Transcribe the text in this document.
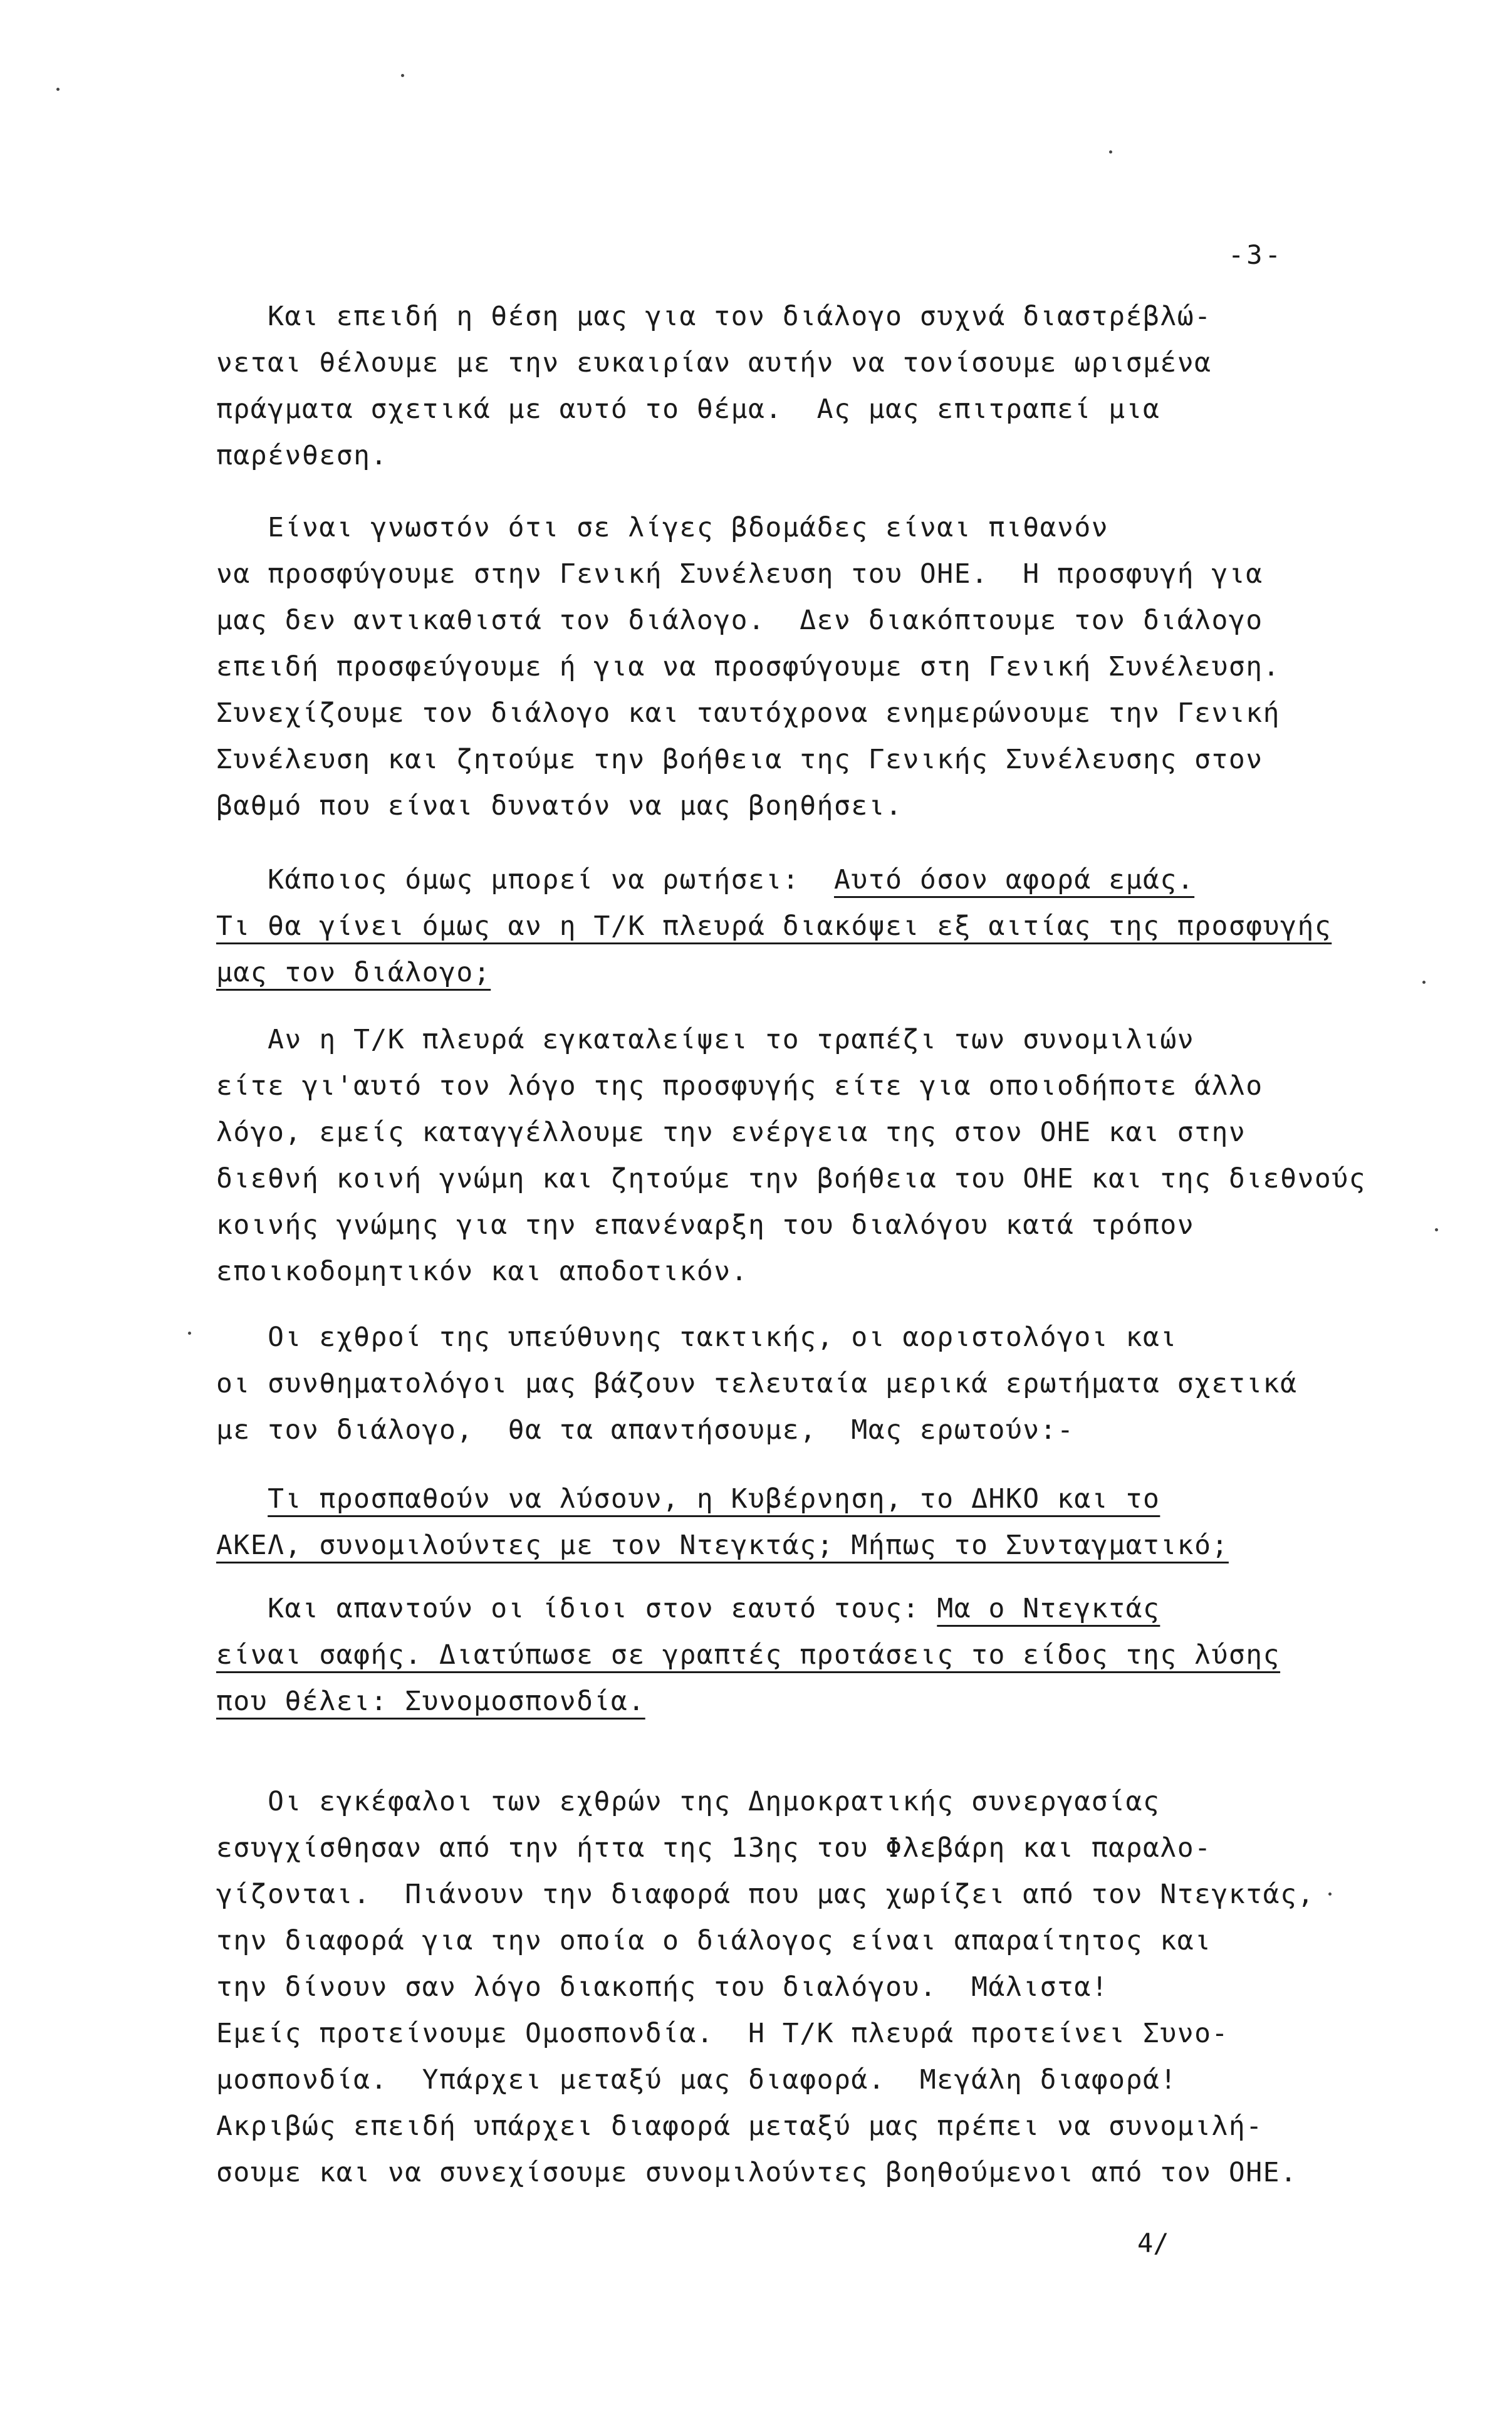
-3-
Και επειδή η θέση μας για τον διάλογο συχνά διαστρέβλώ-
νεται θέλουμε με την ευκαιρίαν αυτήν να τονίσουμε ωρισμένα
πράγματα σχετικά με αυτό το θέμα.  Ας μας επιτραπεί μια
παρένθεση.
Είναι γνωστόν ότι σε λίγες βδομάδες είναι πιθανόν
να προσφύγουμε στην Γενική Συνέλευση του ΟΗΕ.  Η προσφυγή για
μας δεν αντικαθιστά τον διάλογο.  Δεν διακόπτουμε τον διάλογο
επειδή προσφεύγουμε ή για να προσφύγουμε στη Γενική Συνέλευση.
Συνεχίζουμε τον διάλογο και ταυτόχρονα ενημερώνουμε την Γενική
Συνέλευση και ζητούμε την βοήθεια της Γενικής Συνέλευσης στον
βαθμό που είναι δυνατόν να μας βοηθήσει.
Κάποιος όμως μπορεί να ρωτήσει:  Αυτό όσον αφορά εμάς.
Τι θα γίνει όμως αν η Τ/Κ πλευρά διακόψει εξ αιτίας της προσφυγής
μας τον διάλογο;
Αν η Τ/Κ πλευρά εγκαταλείψει το τραπέζι των συνομιλιών
είτε γι'αυτό τον λόγο της προσφυγής είτε για οποιοδήποτε άλλο
λόγο, εμείς καταγγέλλουμε την ενέργεια της στον ΟΗΕ και στην
διεθνή κοινή γνώμη και ζητούμε την βοήθεια του ΟΗΕ και της διεθνούς
κοινής γνώμης για την επανέναρξη του διαλόγου κατά τρόπον
εποικοδομητικόν και αποδοτικόν.
Οι εχθροί της υπεύθυνης τακτικής, οι αοριστολόγοι και
οι συνθηματολόγοι μας βάζουν τελευταία μερικά ερωτήματα σχετικά
με τον διάλογο,  θα τα απαντήσουμε,  Μας ερωτούν:-
Τι προσπαθούν να λύσουν, η Κυβέρνηση, το ΔΗΚΟ και το
ΑΚΕΛ, συνομιλούντες με τον Ντεγκτάς; Μήπως το Συνταγματικό;
Και απαντούν οι ίδιοι στον εαυτό τους: Μα ο Ντεγκτάς
είναι σαφής. Διατύπωσε σε γραπτές προτάσεις το είδος της λύσης
που θέλει: Συνομοσπονδία.
Οι εγκέφαλοι των εχθρών της Δημοκρατικής συνεργασίας
εσυγχίσθησαν από την ήττα της 13ης του Φλεβάρη και παραλο-
γίζονται.  Πιάνουν την διαφορά που μας χωρίζει από τον Ντεγκτάς,
την διαφορά για την οποία ο διάλογος είναι απαραίτητος και
την δίνουν σαν λόγο διακοπής του διαλόγου.  Μάλιστα!
Εμείς προτείνουμε Ομοσπονδία.  Η Τ/Κ πλευρά προτείνει Συνο-
μοσπονδία.  Υπάρχει μεταξύ μας διαφορά.  Μεγάλη διαφορά!
Ακριβώς επειδή υπάρχει διαφορά μεταξύ μας πρέπει να συνομιλή-
σουμε και να συνεχίσουμε συνομιλούντες βοηθούμενοι από τον ΟΗΕ.
4/
